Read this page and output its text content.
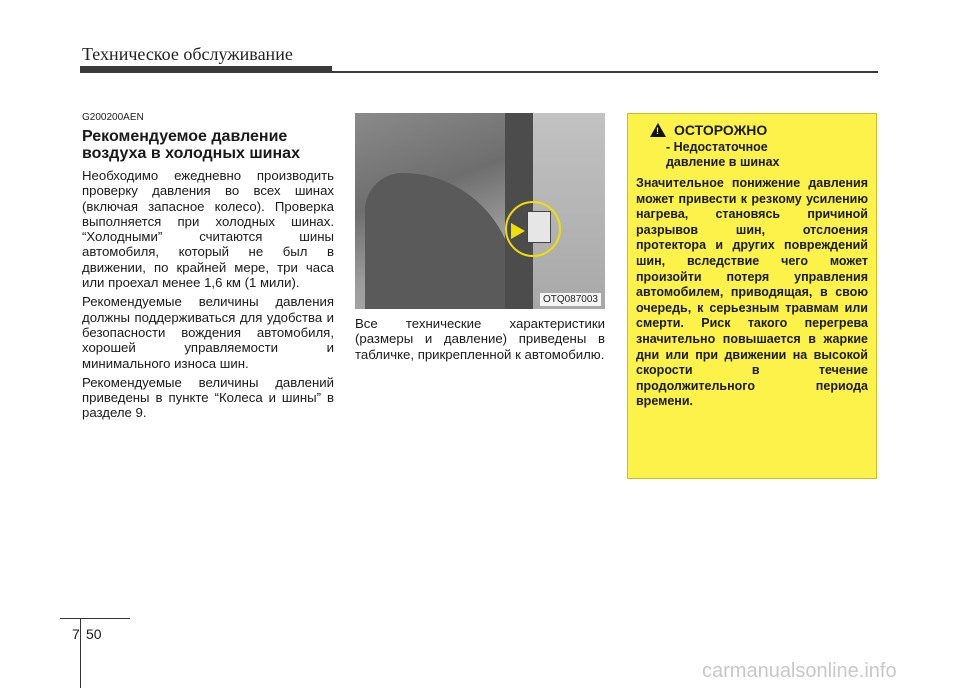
Техническое обслуживание
G200200AEN
Рекомендуемое давление воздуха в холодных шинах

Необходимо ежедневно производить проверку давления во всех шинах (включая запасное колесо). Проверка выполняется при холодных шинах. “Холодными” считаются шины автомобиля, который не был в движении, по крайней мере, три часа или проехал менее 1,6 км (1 мили).

Рекомендуемые величины давления должны поддерживаться для удобства и безопасности вождения автомобиля, хорошей управляемости и минимального износа шин.

Рекомендуемые величины давлений приведены в пункте “Колеса и шины” в разделе 9.

OTQ087003

Все технические характеристики (размеры и давление) приведены в табличке, прикрепленной к автомобилю.

! ОСТОРОЖНО
- Недостаточное давление в шинах
Значительное понижение давления может привести к резкому усилению нагрева, становясь причиной разрывов шин, отслоения протектора и других повреждений шин, вследствие чего может произойти потеря управления автомобилем, приводящая, в свою очередь, к серьезным травмам или смерти. Риск такого перегрева значительно повышается в жаркие дни или при движении на высокой скорости в течение продолжительного периода времени.
7 50
carmanualsonline.info
